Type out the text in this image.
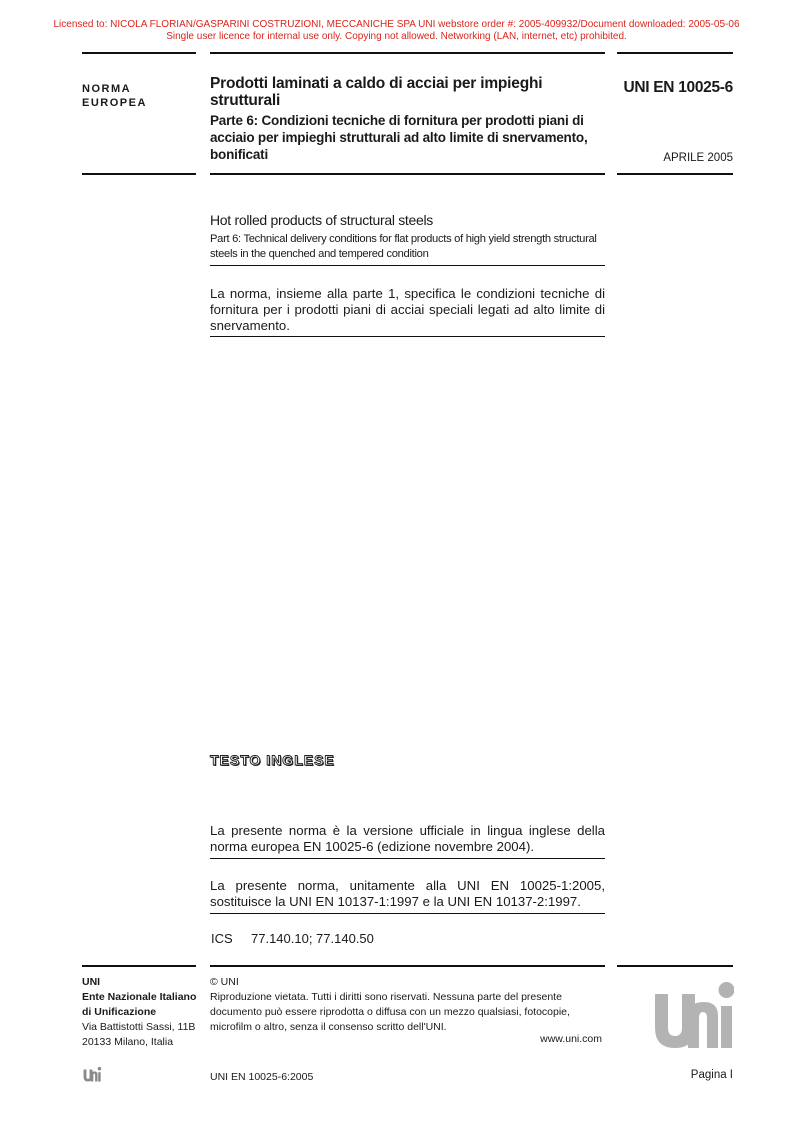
Licensed to: NICOLA FLORIAN/GASPARINI COSTRUZIONI, MECCANICHE SPA UNI webstore order #: 2005-409932/Document downloaded: 2005-05-06
Single user licence for internal use only. Copying not allowed. Networking (LAN, internet, etc) prohibited.
NORMA
EUROPEA
Prodotti laminati a caldo di acciai per impieghi strutturali
Parte 6: Condizioni tecniche di fornitura per prodotti piani di acciaio per impieghi strutturali ad alto limite di snervamento, bonificati
UNI EN 10025-6
APRILE 2005
Hot rolled products of structural steels
Part 6: Technical delivery conditions for flat products of high yield strength structural steels in the quenched and tempered condition
La norma, insieme alla parte 1, specifica le condizioni tecniche di fornitura per i prodotti piani di acciai speciali legati ad alto limite di snervamento.
TESTO INGLESE
La presente norma è la versione ufficiale in lingua inglese della norma europea EN 10025-6 (edizione novembre 2004).
La presente norma, unitamente alla UNI EN 10025-1:2005, sostituisce la UNI EN 10137-1:1997 e la UNI EN 10137-2:1997.
ICS 77.140.10; 77.140.50
UNI
Ente Nazionale Italiano
di Unificazione
Via Battistotti Sassi, 11B
20133 Milano, Italia
© UNI
Riproduzione vietata. Tutti i diritti sono riservati. Nessuna parte del presente documento può essere riprodotta o diffusa con un mezzo qualsiasi, fotocopie, microfilm o altro, senza il consenso scritto dell'UNI.
www.uni.com
UNI EN 10025-6:2005	Pagina I
